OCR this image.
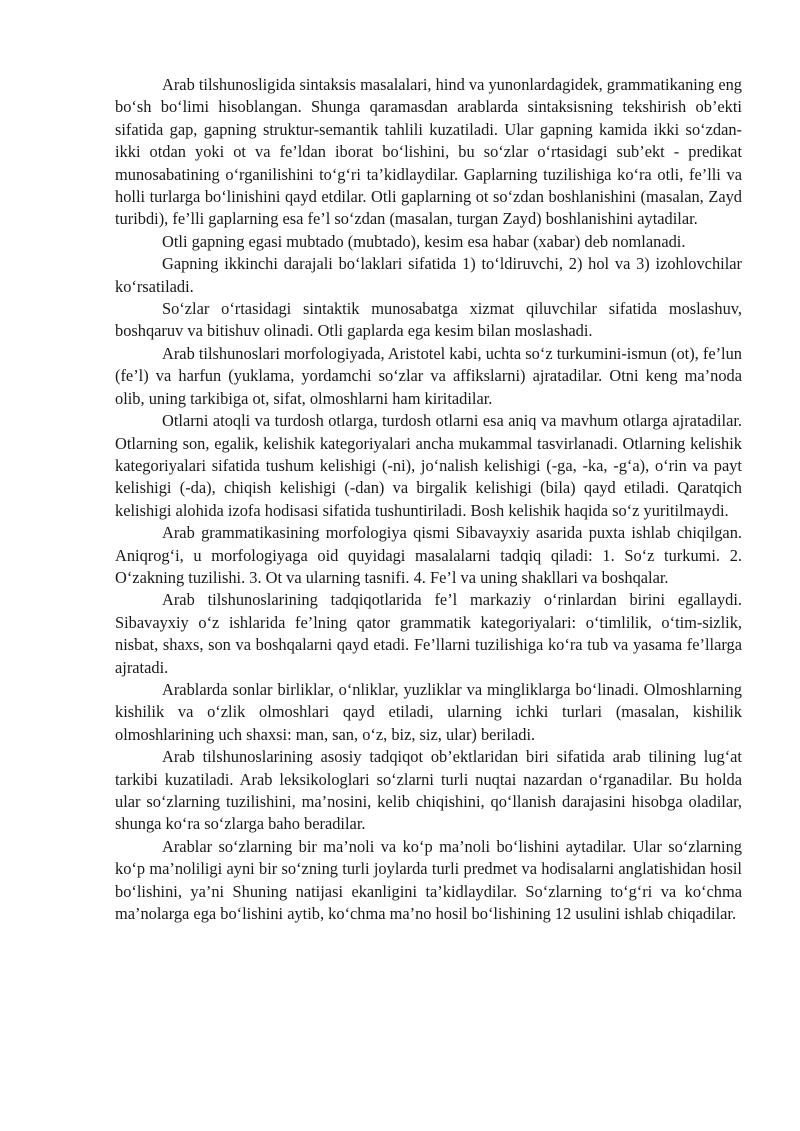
Arab tilshunosligida sintaksis masalalari, hind va yunonlardagidek, grammatikaning eng bo‘sh bo‘limi hisoblangan. Shunga qaramasdan arablarda sintaksisning tekshirish ob’ekti sifatida gap, gapning struktur-semantik tahlili kuzatiladi. Ular gapning kamida ikki so‘zdan-ikki otdan yoki ot va fe’ldan iborat bo‘lishini, bu so‘zlar o‘rtasidagi sub’ekt - predikat munosabatining o‘rganilishini to‘g‘ri ta’kidlaydilar. Gaplarning tuzilishiga ko‘ra otli, fe’lli va holli turlarga bo‘linishini qayd etdilar. Otli gaplarning ot so‘zdan boshlanishini (masalan, Zayd turibdi), fe’lli gaplarning esa fe’l so‘zdan (masalan, turgan Zayd) boshlanishini aytadilar.

Otli gapning egasi mubtado (mubtado), kesim esa habar (xabar) deb nomlanadi.

Gapning ikkinchi darajali bo‘laklari sifatida 1) to‘ldiruvchi, 2) hol va 3) izohlovchilar ko‘rsatiladi.

So‘zlar o‘rtasidagi sintaktik munosabatga xizmat qiluvchilar sifatida moslashuv, boshqaruv va bitishuv olinadi. Otli gaplarda ega kesim bilan moslashadi.

Arab tilshunoslari morfologiyada, Aristotel kabi, uchta so‘z turkumini-ismun (ot), fe’lun (fe’l) va harfun (yuklama, yordamchi so‘zlar va affikslarni) ajratadilar. Otni keng ma’noda olib, uning tarkibiga ot, sifat, olmoshlarni ham kiritadilar.

Otlarni atoqli va turdosh otlarga, turdosh otlarni esa aniq va mavhum otlarga ajratadilar. Otlarning son, egalik, kelishik kategoriyalari ancha mukammal tasvirlanadi. Otlarning kelishik kategoriyalari sifatida tushum kelishigi (-ni), jo‘nalish kelishigi (-ga, -ka, -g‘a), o‘rin va payt kelishigi (-da), chiqish kelishigi (-dan) va birgalik kelishigi (bila) qayd etiladi. Qaratqich kelishigi alohida izofa hodisasi sifatida tushuntiriladi. Bosh kelishik haqida so‘z yuritilmaydi.

Arab grammatikasining morfologiya qismi Sibavayxiy asarida puxta ishlab chiqilgan. Aniqrog‘i, u morfologiyaga oid quyidagi masalalarni tadqiq qiladi: 1. So‘z turkumi. 2. O‘zakning tuzilishi. 3. Ot va ularning tasnifi. 4. Fe’l va uning shakllari va boshqalar.

Arab tilshunoslarining tadqiqotlarida fe’l markaziy o‘rinlardan birini egallaydi. Sibavayxiy o‘z ishlarida fe’lning qator grammatik kategoriyalari: o‘timlilik, o‘tim-sizlik, nisbat, shaxs, son va boshqalarni qayd etadi. Fe’llarni tuzilishiga ko‘ra tub va yasama fe’llarga ajratadi.

Arablarda sonlar birliklar, o‘nliklar, yuzliklar va mingliklarga bo‘linadi. Olmoshlarning kishilik va o‘zlik olmoshlari qayd etiladi, ularning ichki turlari (masalan, kishilik olmoshlarining uch shaxsi: man, san, o‘z, biz, siz, ular) beriladi.

Arab tilshunoslarining asosiy tadqiqot ob’ektlaridan biri sifatida arab tilining lug‘at tarkibi kuzatiladi. Arab leksikologlari so‘zlarni turli nuqtai nazardan o‘rganadilar. Bu holda ular so‘zlarning tuzilishini, ma’nosini, kelib chiqishini, qo‘llanish darajasini hisobga oladilar, shunga ko‘ra so‘zlarga baho beradilar.

Arablar so‘zlarning bir ma’noli va ko‘p ma’noli bo‘lishini aytadilar. Ular so‘zlarning ko‘p ma’noliligi ayni bir so‘zning turli joylarda turli predmet va hodisalarni anglatishidan hosil bo‘lishini, ya’ni Shuning natijasi ekanligini ta’kidlaydilar. So‘zlarning to‘g‘ri va ko‘chma ma’nolarga ega bo‘lishini aytib, ko‘chma ma’no hosil bo‘lishining 12 usulini ishlab chiqadilar.
